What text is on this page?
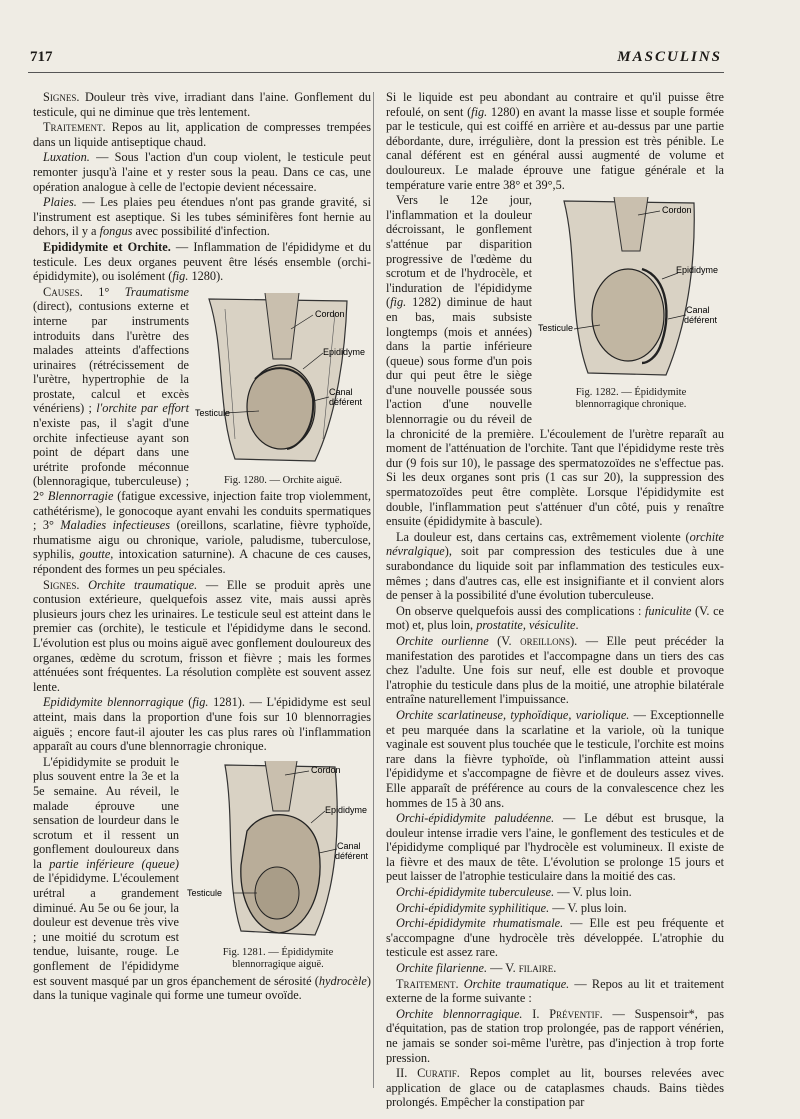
717	MASCULINS

Signes. Douleur très vive, irradiant dans l'aine. Gonflement du testicule, qui ne diminue que très lentement.

Traitement. Repos au lit, application de compresses trempées dans un liquide antiseptique chaud.

Luxation. — Sous l'action d'un coup violent, le testicule peut remonter jusqu'à l'aine et y rester sous la peau. Dans ce cas, une opération analogue à celle de l'ectopie devient nécessaire.

Plaies. — Les plaies peu étendues n'ont pas grande gravité, si l'instrument est aseptique. Si les tubes séminifères font hernie au dehors, il y a fongus avec possibilité d'infection.

Epididymite et Orchite. — Inflammation de l'épididyme et du testicule. Les deux organes peuvent être lésés ensemble (orchi-épididymite), ou isolément (fig. 1280).

Cordon
Epididyme
Canal
déférent
Testicule
Fig. 1280. — Orchite aiguë.

Causes. 1° Traumatisme (direct), contusions externe et interne par instruments introduits dans l'urètre des malades atteints d'affections urinaires (rétrécissement de l'urètre, hypertrophie de la prostate, calcul et excès vénériens) ; l'orchite par effort n'existe pas, il s'agit d'une orchite infectieuse ayant son point de départ dans une urétrite profonde méconnue (blennoragique, tuberculeuse) ; 2° Blennorragie (fatigue excessive, injection faite trop violemment, cathétérisme), le gonocoque ayant envahi les conduits spermatiques ; 3° Maladies infectieuses (oreillons, scarlatine, fièvre typhoïde, rhumatisme aigu ou chronique, variole, paludisme, tuberculose, syphilis, goutte, intoxication saturnine). A chacune de ces causes, répondent des formes un peu spéciales.

Signes. Orchite traumatique. — Elle se produit après une contusion extérieure, quelquefois assez vite, mais aussi après plusieurs jours chez les urinaires. Le testicule seul est atteint dans le premier cas (orchite), le testicule et l'épididyme dans le second. L'évolution est plus ou moins aiguë avec gonflement douloureux des organes, œdème du scrotum, frisson et fièvre ; mais les formes atténuées sont fréquentes. La résolution complète est souvent assez lente.

Epididymite blennorragique (fig. 1281). — L'épididyme est seul atteint, mais dans la proportion d'une fois sur 10 blennorragies aiguës ; encore faut-il ajouter les cas plus rares où l'inflammation apparaît au cours d'une blennorragie chronique.

Cordon
Epididyme
Canal
déférent
Testicule
Fig. 1281. — Épididymite
blennorragique aiguë.

L'épididymite se produit le plus souvent entre la 3e et la 5e semaine. Au réveil, le malade éprouve une sensation de lourdeur dans le scrotum et il ressent un gonflement douloureux dans la partie inférieure (queue) de l'épididyme. L'écoulement urétral a grandement diminué. Au 5e ou 6e jour, la douleur est devenue très vive ; une moitié du scrotum est tendue, luisante, rouge. Le gonflement de l'épididyme est souvent masqué par un gros épanchement de sérosité (hydrocèle) dans la tunique vaginale qui forme une tumeur ovoïde.

Si le liquide est peu abondant au contraire et qu'il puisse être refoulé, on sent (fig. 1280) en avant la masse lisse et souple formée par le testicule, qui est coiffé en arrière et au-dessus par une partie débordante, dure, irrégulière, dont la pression est très pénible. Le canal déférent est en général aussi augmenté de volume et douloureux. Le malade éprouve une fatigue générale et la température varie entre 38° et 39°,5.

Cordon
Epididyme
Canal
déférent
Testicule
Fig. 1282. — Épididymite
blennorragique chronique.

Vers le 12e jour, l'inflammation et la douleur décroissant, le gonflement s'atténue par disparition progressive de l'œdème du scrotum et de l'hydrocèle, et l'induration de l'épididyme (fig. 1282) diminue de haut en bas, mais subsiste longtemps (mois et années) dans la partie inférieure (queue) sous forme d'un pois dur qui peut être le siège d'une nouvelle poussée sous l'action d'une nouvelle blennorragie ou du réveil de la chronicité de la première. L'écoulement de l'urètre reparaît au moment de l'atténuation de l'orchite. Tant que l'épididyme reste très dur (9 fois sur 10), le passage des spermatozoïdes ne s'effectue pas. Si les deux organes sont pris (1 cas sur 20), la suppression des spermatozoïdes peut être complète. Lorsque l'épididymite est double, l'inflammation peut s'atténuer d'un côté, puis y renaître ensuite (épididymite à bascule).

La douleur est, dans certains cas, extrêmement violente (orchite névralgique), soit par compression des testicules due à une surabondance du liquide soit par inflammation des testicules eux-mêmes ; dans d'autres cas, elle est insignifiante et il convient alors de penser à la possibilité d'une évolution tuberculeuse.

On observe quelquefois aussi des complications : funiculite (V. ce mot) et, plus loin, prostatite, vésiculite.

Orchite ourlienne (V. oreillons). — Elle peut précéder la manifestation des parotides et l'accompagne dans un tiers des cas chez l'adulte. Une fois sur neuf, elle est double et provoque l'atrophie du testicule dans plus de la moitié, une atrophie bilatérale entraîne naturellement l'impuissance.

Orchite scarlatineuse, typhoïdique, variolique. — Exceptionnelle et peu marquée dans la scarlatine et la variole, où la tunique vaginale est souvent plus touchée que le testicule, l'orchite est moins rare dans la fièvre typhoïde, où l'inflammation atteint aussi l'épididyme et s'accompagne de fièvre et de douleurs assez vives. Elle apparaît de préférence au cours de la convalescence chez les hommes de 15 à 30 ans.

Orchi-épididymite paludéenne. — Le début est brusque, la douleur intense irradie vers l'aine, le gonflement des testicules et de l'épididyme compliqué par l'hydrocèle est volumineux. Il existe de la fièvre et des maux de tête. L'évolution se prolonge 15 jours et peut laisser de l'atrophie testiculaire dans la moitié des cas.

Orchi-épididymite tuberculeuse. — V. plus loin.

Orchi-épididymite syphilitique. — V. plus loin.

Orchi-épididymite rhumatismale. — Elle est peu fréquente et s'accompagne d'une hydrocèle très développée. L'atrophie du testicule est assez rare.

Orchite filarienne. — V. filaire.

Traitement. Orchite traumatique. — Repos au lit et traitement externe de la forme suivante :

Orchite blennorragique. I. Préventif. — Suspensoir*, pas d'équitation, pas de station trop prolongée, pas de rapport vénérien, ne jamais se sonder soi-même l'urètre, pas d'injection à trop forte pression.

II. Curatif. Repos complet au lit, bourses relevées avec application de glace ou de cataplasmes chauds. Bains tièdes prolongés. Empêcher la constipation par
